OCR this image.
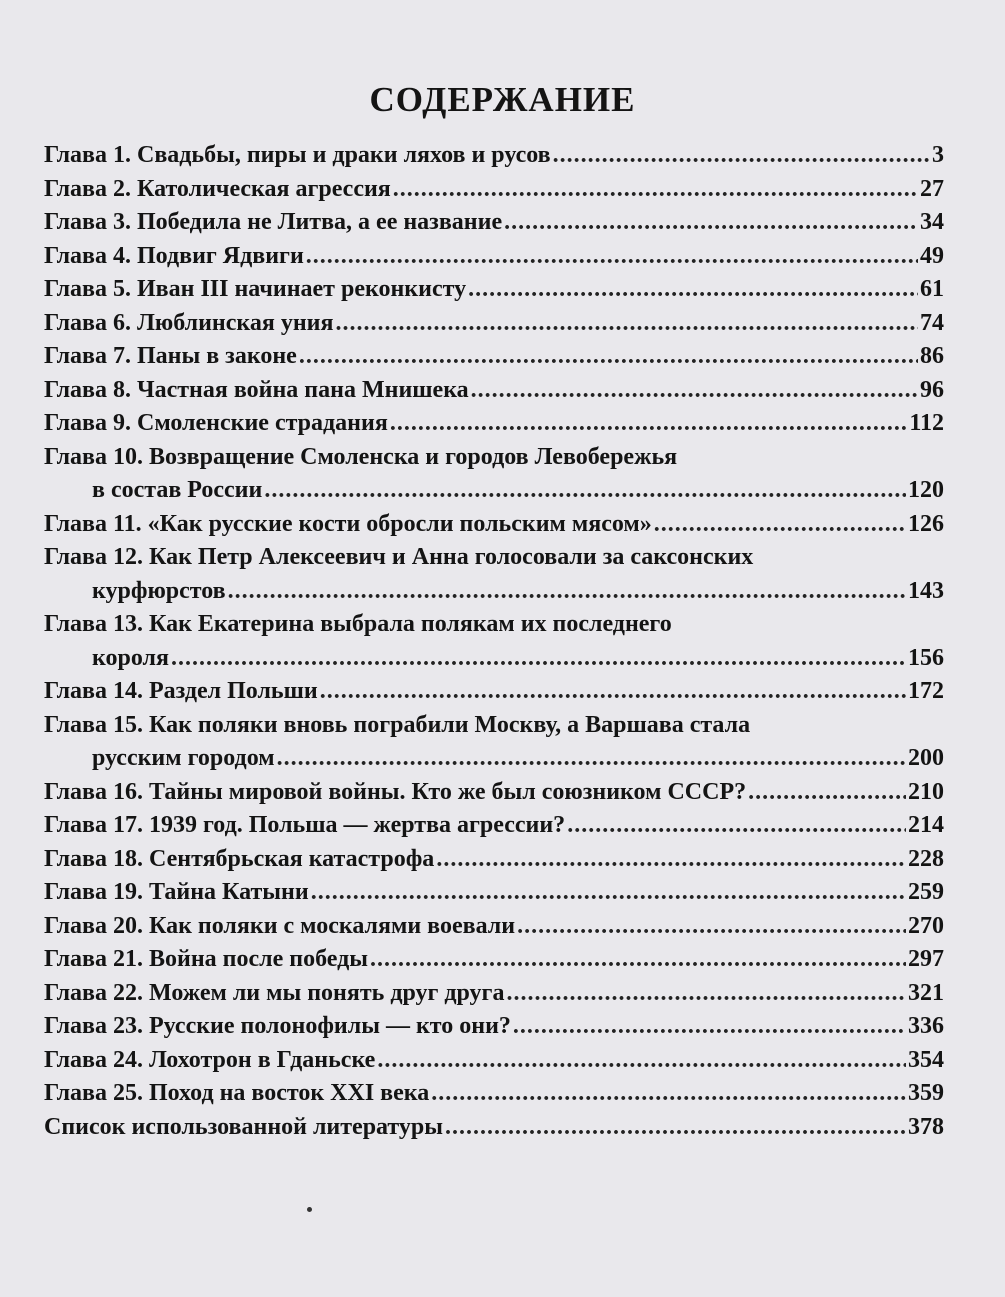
СОДЕРЖАНИЕ
Глава 1. Свадьбы, пиры и драки ляхов и русов .....	3
Глава 2. Католическая агрессия .....	27
Глава 3. Победила не Литва, а ее название .....	34
Глава 4. Подвиг Ядвиги .....	49
Глава 5. Иван III начинает реконкисту .....	61
Глава 6. Люблинская уния .....	74
Глава 7. Паны в законе .....	86
Глава 8. Частная война пана Мнишека .....	96
Глава 9. Смоленские страдания .....	112
Глава 10. Возвращение Смоленска и городов Левобережья
в состав России .....	120
Глава 11. «Как русские кости обросли польским мясом» .....	126
Глава 12. Как Петр Алексеевич и Анна голосовали за саксонских
курфюрстов .....	143
Глава 13. Как Екатерина выбрала полякам их последнего
короля .....	156
Глава 14. Раздел Польши .....	172
Глава 15. Как поляки вновь пограбили Москву, а Варшава стала
русским городом .....	200
Глава 16. Тайны мировой войны. Кто же был союзником СССР? .....	210
Глава 17. 1939 год. Польша — жертва агрессии? .....	214
Глава 18. Сентябрьская катастрофа .....	228
Глава 19. Тайна Катыни .....	259
Глава 20. Как поляки с москалями воевали .....	270
Глава 21. Война после победы .....	297
Глава 22. Можем ли мы понять друг друга .....	321
Глава 23. Русские полонофилы — кто они? .....	336
Глава 24. Лохотрон в Гданьске .....	354
Глава 25. Поход на восток XXI века .....	359
Список использованной литературы .....	378
